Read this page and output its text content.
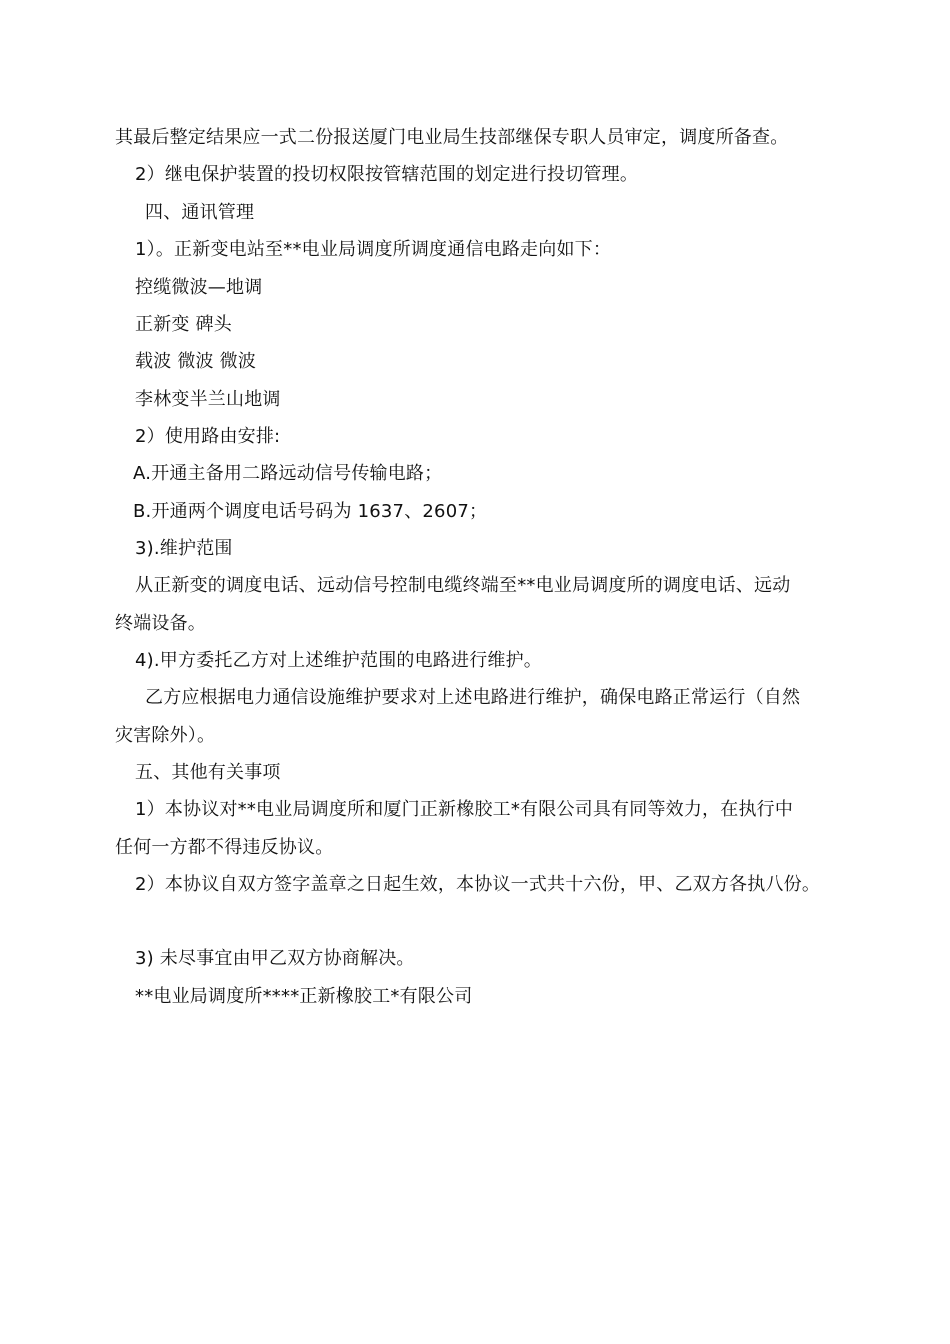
其最后整定结果应一式二份报送厦门电业局生技部继保专职人员审定，调度所备查。
2）继电保护装置的投切权限按管辖范围的划定进行投切管理。
四、通讯管理
1）。正新变电站至**电业局调度所调度通信电路走向如下：
控缆微波—地调
正新变 碑头
载波 微波 微波
李林变半兰山地调
2）使用路由安排:
A.开通主备用二路远动信号传输电路；
B.开通两个调度电话号码为 1637、2607；
3).维护范围
从正新变的调度电话、远动信号控制电缆终端至**电业局调度所的调度电话、远动
终端设备。
4).甲方委托乙方对上述维护范围的电路进行维护。
乙方应根据电力通信设施维护要求对上述电路进行维护，确保电路正常运行（自然
灾害除外）。
五、其他有关事项
1）本协议对**电业局调度所和厦门正新橡胶工*有限公司具有同等效力，在执行中
任何一方都不得违反协议。
2）本协议自双方签字盖章之日起生效，本协议一式共十六份，甲、乙双方各执八份。
3) 未尽事宜由甲乙双方协商解决。
**电业局调度所****正新橡胶工*有限公司
